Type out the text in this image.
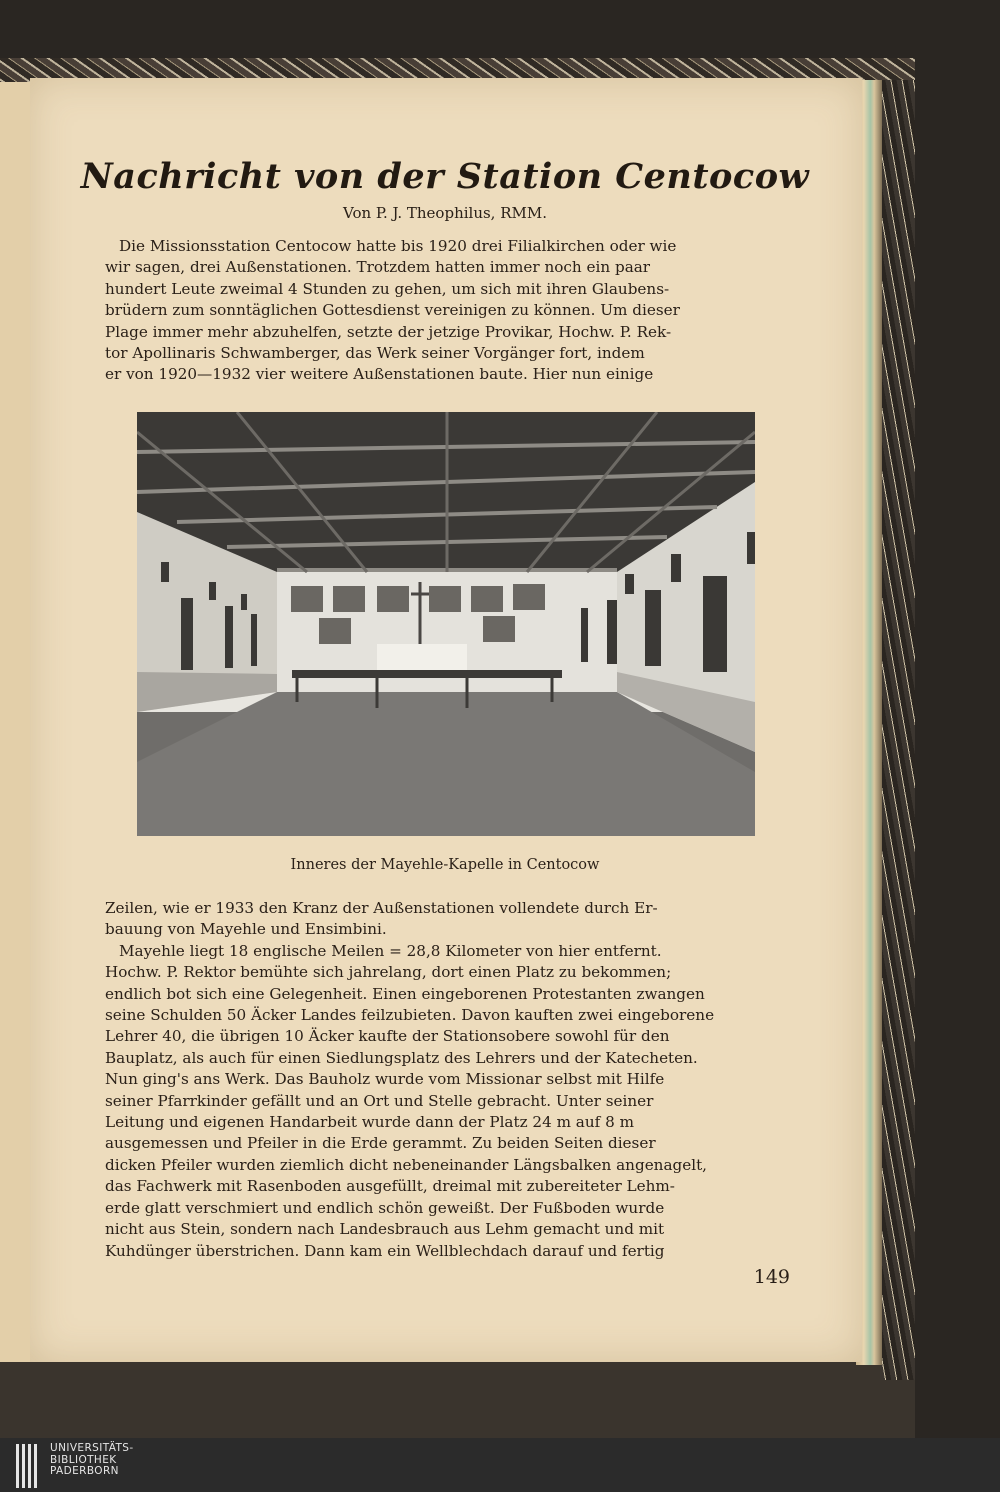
Nachricht von der Station Centocow
Von P. J. Theophilus, RMM.

Die Missionsstation Centocow hatte bis 1920 drei Filialkirchen oder wie

wir sagen, drei Außenstationen. Trotzdem hatten immer noch ein paar

hundert Leute zweimal 4 Stunden zu gehen, um sich mit ihren Glaubens-

brüdern zum sonntäglichen Gottesdienst vereinigen zu können. Um dieser

Plage immer mehr abzuhelfen, setzte der jetzige Provikar, Hochw. P. Rek-

tor Apollinaris Schwamberger, das Werk seiner Vorgänger fort, indem

er von 1920—1932 vier weitere Außenstationen baute. Hier nun einige

Inneres der Mayehle-Kapelle in Centocow

Zeilen, wie er 1933 den Kranz der Außenstationen vollendete durch Er-

bauung von Mayehle und Ensimbini.

Mayehle liegt 18 englische Meilen = 28,8 Kilometer von hier entfernt.

Hochw. P. Rektor bemühte sich jahrelang, dort einen Platz zu bekommen;

endlich bot sich eine Gelegenheit. Einen eingeborenen Protestanten zwangen

seine Schulden 50 Äcker Landes feilzubieten. Davon kauften zwei eingeborene

Lehrer 40, die übrigen 10 Äcker kaufte der Stationsobere sowohl für den

Bauplatz, als auch für einen Siedlungsplatz des Lehrers und der Katecheten.

Nun ging's ans Werk. Das Bauholz wurde vom Missionar selbst mit Hilfe

seiner Pfarrkinder gefällt und an Ort und Stelle gebracht. Unter seiner

Leitung und eigenen Handarbeit wurde dann der Platz 24 m auf 8 m

ausgemessen und Pfeiler in die Erde gerammt. Zu beiden Seiten dieser

dicken Pfeiler wurden ziemlich dicht nebeneinander Längsbalken angenagelt,

das Fachwerk mit Rasenboden ausgefüllt, dreimal mit zubereiteter Lehm-

erde glatt verschmiert und endlich schön geweißt. Der Fußboden wurde

nicht aus Stein, sondern nach Landesbrauch aus Lehm gemacht und mit

Kuhdünger überstrichen. Dann kam ein Wellblechdach darauf und fertig

149
UNIVERSITÄTS-
BIBLIOTHEK
PADERBORN
